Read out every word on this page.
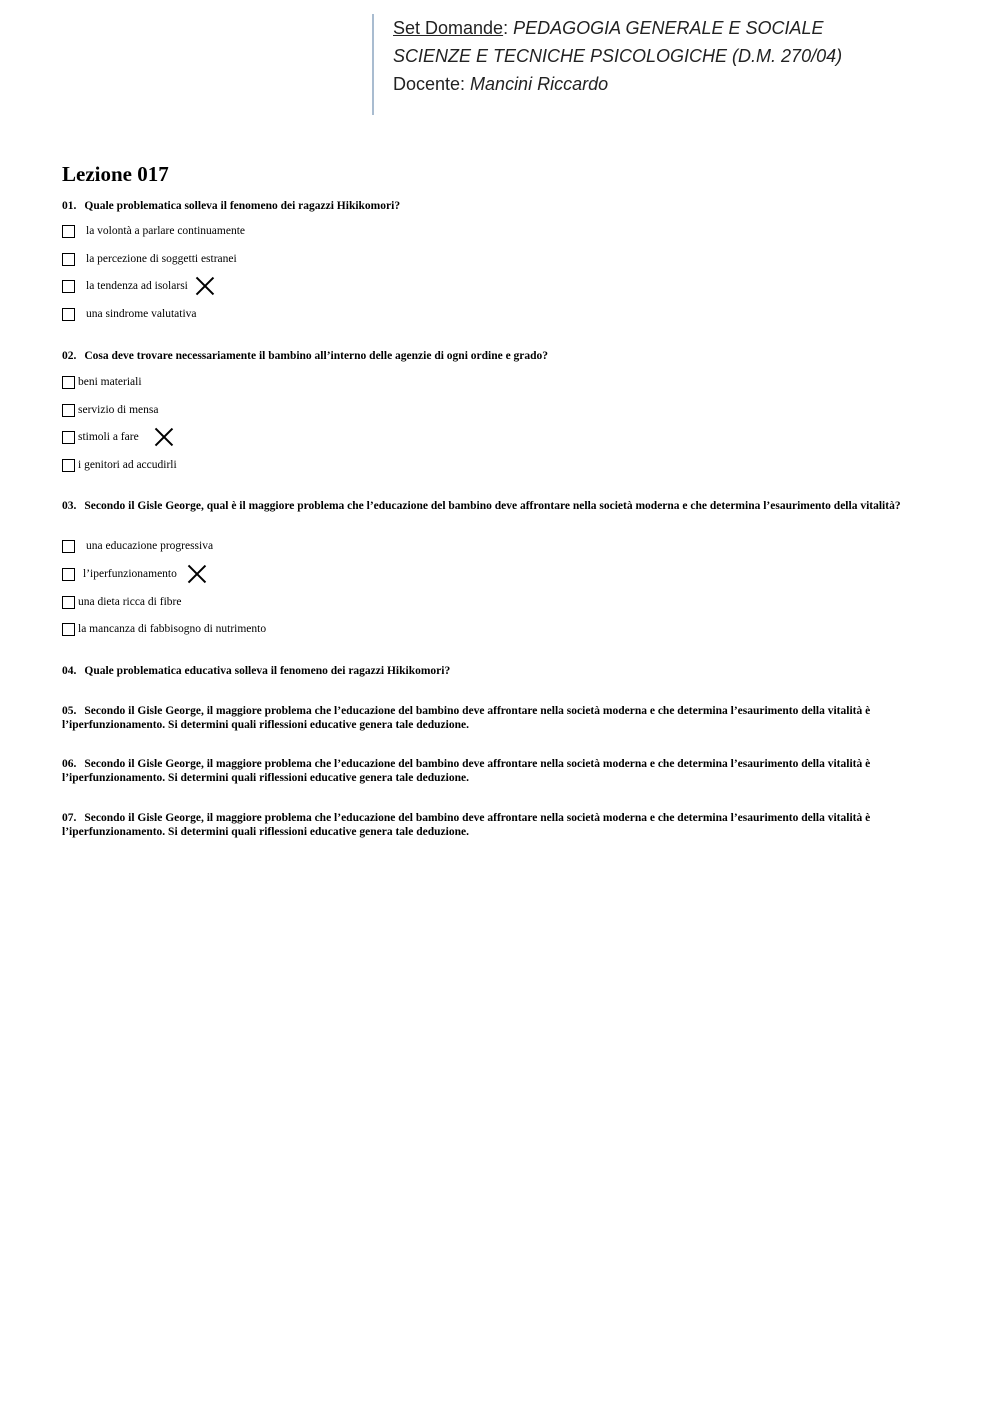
Set Domande: PEDAGOGIA GENERALE E SOCIALE
SCIENZE E TECNICHE PSICOLOGICHE (D.M. 270/04)
Docente: Mancini Riccardo
Lezione 017

01. Quale problematica solleva il fenomeno dei ragazzi Hikikomori?

la volontà a parlare continuamente
la percezione di soggetti estranei
la tendenza ad isolarsi
una sindrome valutativa

02. Cosa deve trovare necessariamente il bambino all’interno delle agenzie di ogni ordine e grado?

beni materiali
servizio di mensa
stimoli a fare
i genitori ad accudirli

03. Secondo il Gisle George, qual è il maggiore problema che l’educazione del bambino deve affrontare nella società moderna e che determina l’esaurimento della vitalità?

una educazione progressiva
l’iperfunzionamento
una dieta ricca di fibre
la mancanza di fabbisogno di nutrimento

04. Quale problematica educativa solleva il fenomeno dei ragazzi Hikikomori?

05. Secondo il Gisle George, il maggiore problema che l’educazione del bambino deve affrontare nella società moderna e che determina l’esaurimento della vitalità è l’iperfunzionamento. Si determini quali riflessioni educative genera tale deduzione.

06. Secondo il Gisle George, il maggiore problema che l’educazione del bambino deve affrontare nella società moderna e che determina l’esaurimento della vitalità è l’iperfunzionamento. Si determini quali riflessioni educative genera tale deduzione.

07. Secondo il Gisle George, il maggiore problema che l’educazione del bambino deve affrontare nella società moderna e che determina l’esaurimento della vitalità è l’iperfunzionamento. Si determini quali riflessioni educative genera tale deduzione.
